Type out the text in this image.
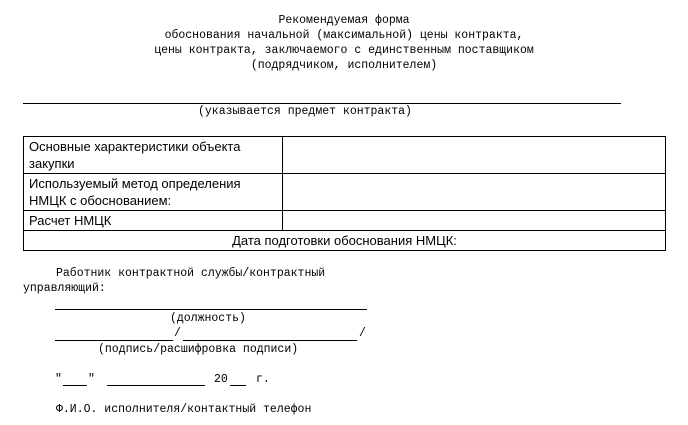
Рекомендуемая форма
обоснования начальной (максимальной) цены контракта,
цены контракта, заключаемого с единственным поставщиком
(подрядчиком, исполнителем)
(указывается предмет контракта)
Основные характеристики объекта закупки	
Используемый метод определения НМЦК с обоснованием:	
Расчет НМЦК	
Дата подготовки обоснования НМЦК:	
Работник контрактной службы/контрактный
управляющий:
(должность)
/	/
(подпись/расшифровка подписи)
" "	20 г.
Ф.И.О. исполнителя/контактный телефон
